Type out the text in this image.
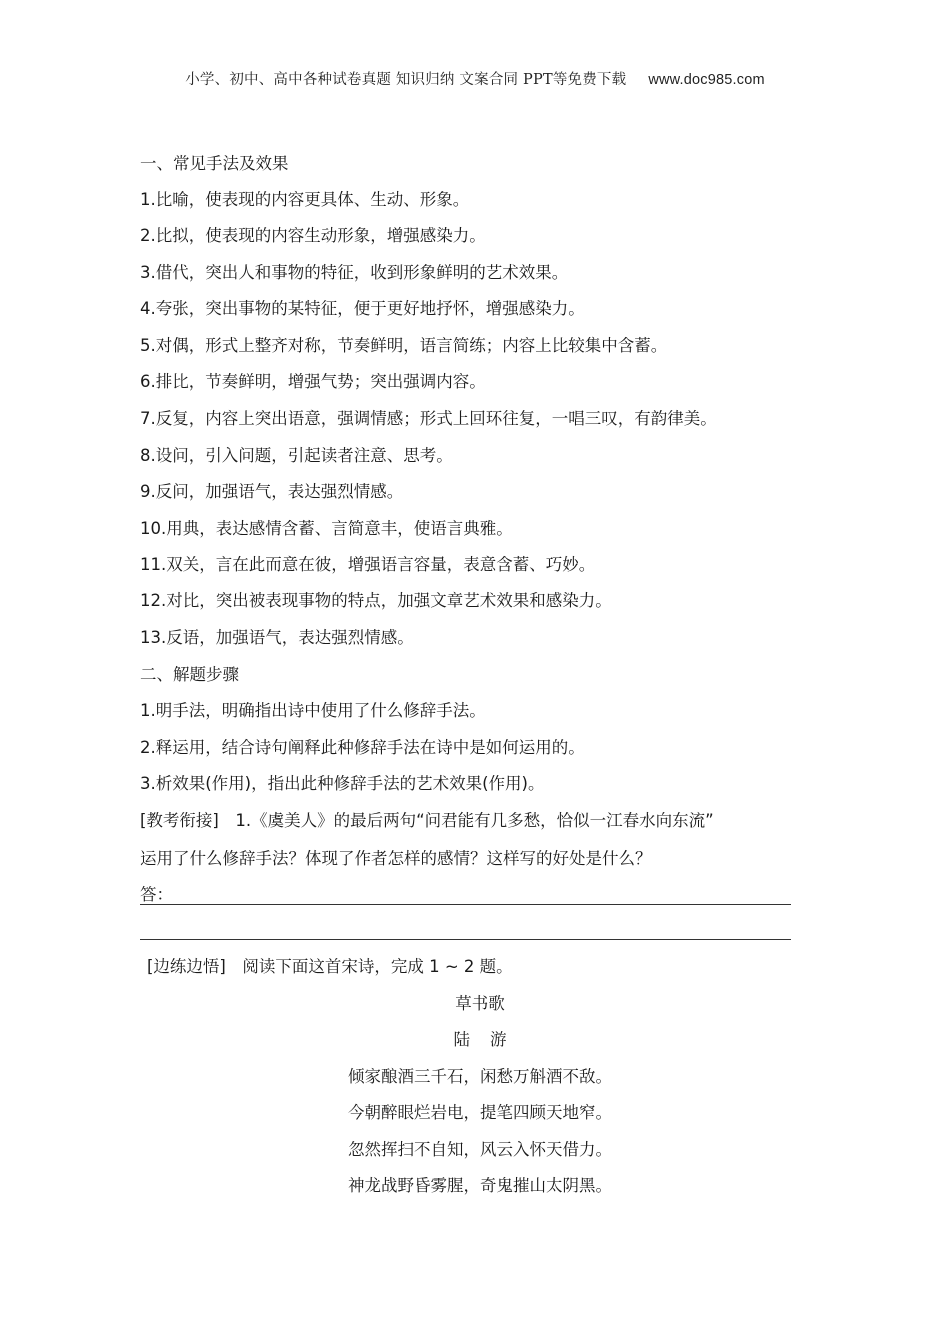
小学、初中、高中各种试卷真题 知识归纳 文案合同 PPT等免费下载 www.doc985.com
一、常见手法及效果
1.比喻，使表现的内容更具体、生动、形象。
2.比拟，使表现的内容生动形象，增强感染力。
3.借代，突出人和事物的特征，收到形象鲜明的艺术效果。
4.夸张，突出事物的某特征，便于更好地抒怀，增强感染力。
5.对偶，形式上整齐对称，节奏鲜明，语言简练；内容上比较集中含蓄。
6.排比，节奏鲜明，增强气势；突出强调内容。
7.反复，内容上突出语意，强调情感；形式上回环往复，一唱三叹，有韵律美。
8.设问，引入问题，引起读者注意、思考。
9.反问，加强语气，表达强烈情感。
10.用典，表达感情含蓄、言简意丰，使语言典雅。
11.双关，言在此而意在彼，增强语言容量，表意含蓄、巧妙。
12.对比，突出被表现事物的特点，加强文章艺术效果和感染力。
13.反语，加强语气，表达强烈情感。
二、解题步骤
1.明手法，明确指出诗中使用了什么修辞手法。
2.释运用，结合诗句阐释此种修辞手法在诗中是如何运用的。
3.析效果(作用)，指出此种修辞手法的艺术效果(作用)。
[教考衔接]　1.《虞美人》的最后两句“问君能有几多愁，恰似一江春水向东流”
运用了什么修辞手法？体现了作者怎样的感情？这样写的好处是什么？
答：
[边练边悟]　阅读下面这首宋诗，完成 1 ~ 2 题。
草书歌
陆 游
倾家酿酒三千石，闲愁万斛酒不敌。
今朝醉眼烂岩电，提笔四顾天地窄。
忽然挥扫不自知，风云入怀天借力。
神龙战野昏雾腥，奇鬼摧山太阴黑。
